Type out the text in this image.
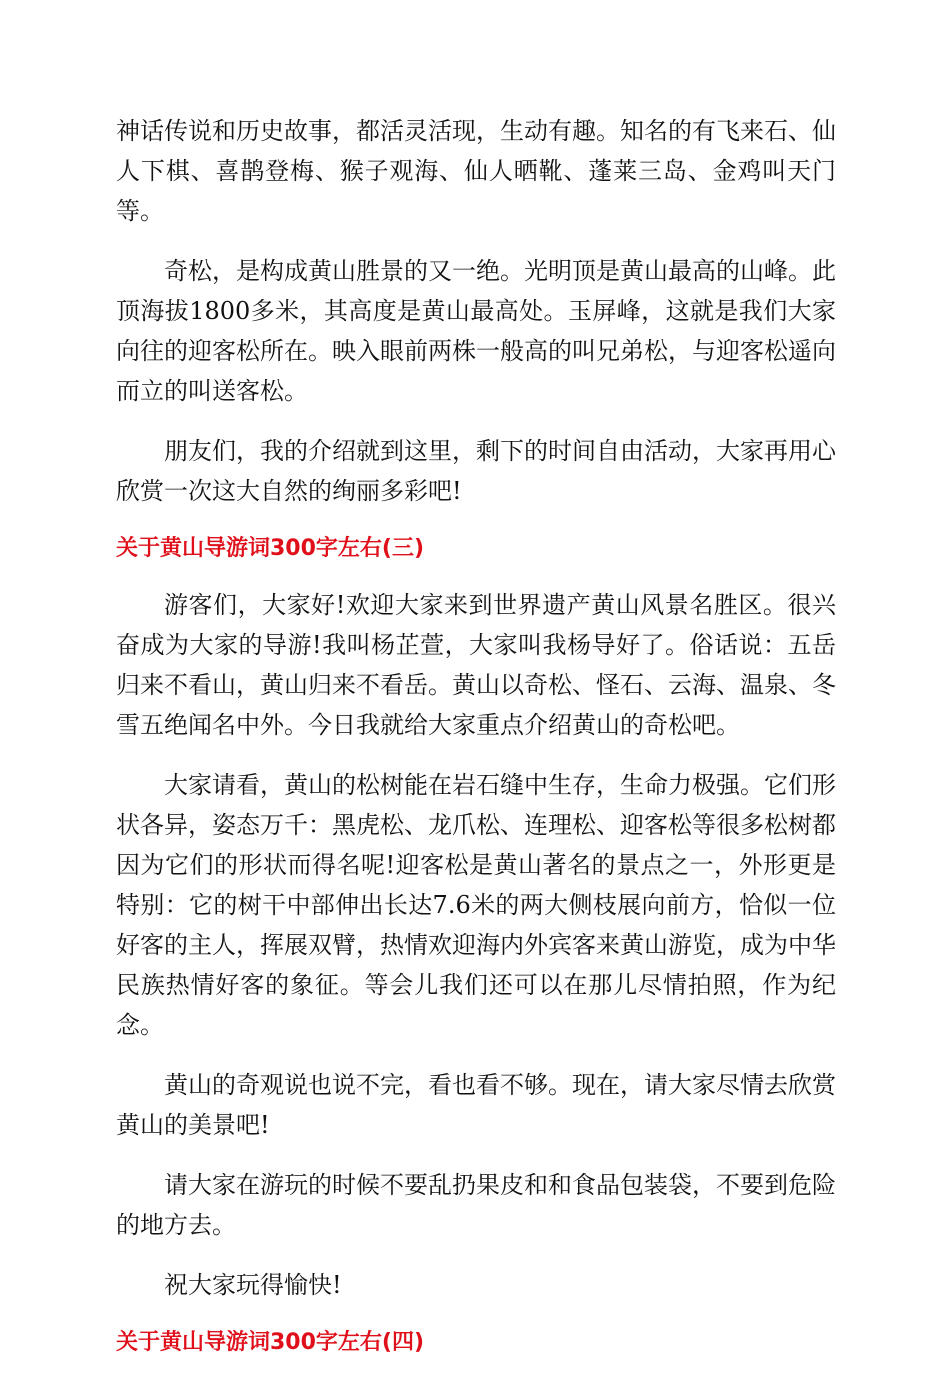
神话传说和历史故事，都活灵活现，生动有趣。知名的有飞来石、仙人下棋、喜鹊登梅、猴子观海、仙人晒靴、蓬莱三岛、金鸡叫天门等。

奇松，是构成黄山胜景的又一绝。光明顶是黄山最高的山峰。此顶海拔1800多米，其高度是黄山最高处。玉屏峰，这就是我们大家向往的迎客松所在。映入眼前两株一般高的叫兄弟松，与迎客松遥向而立的叫送客松。

朋友们，我的介绍就到这里，剩下的时间自由活动，大家再用心欣赏一次这大自然的绚丽多彩吧!

关于黄山导游词300字左右(三)

游客们，大家好!欢迎大家来到世界遗产黄山风景名胜区。很兴奋成为大家的导游!我叫杨芷萱，大家叫我杨导好了。俗话说：五岳归来不看山，黄山归来不看岳。黄山以奇松、怪石、云海、温泉、冬雪五绝闻名中外。今日我就给大家重点介绍黄山的奇松吧。

大家请看，黄山的松树能在岩石缝中生存，生命力极强。它们形状各异，姿态万千：黑虎松、龙爪松、连理松、迎客松等很多松树都因为它们的形状而得名呢!迎客松是黄山著名的景点之一，外形更是特别：它的树干中部伸出长达7.6米的两大侧枝展向前方，恰似一位好客的主人，挥展双臂，热情欢迎海内外宾客来黄山游览，成为中华民族热情好客的象征。等会儿我们还可以在那儿尽情拍照，作为纪念。

黄山的奇观说也说不完，看也看不够。现在，请大家尽情去欣赏黄山的美景吧!

请大家在游玩的时候不要乱扔果皮和和食品包装袋，不要到危险的地方去。

祝大家玩得愉快!

关于黄山导游词300字左右(四)
